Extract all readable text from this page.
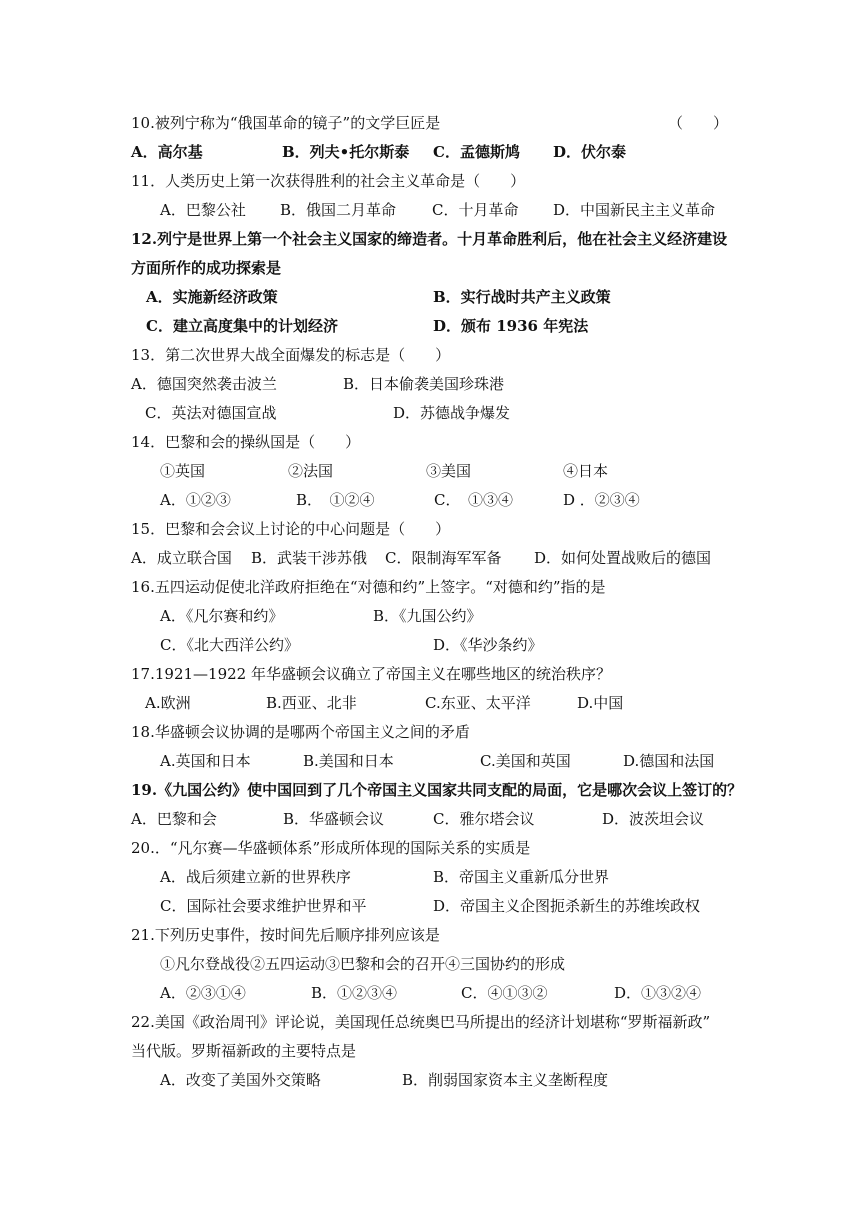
10.被列宁称为“俄国革命的镜子”的文学巨匠是	（　　）
A．高尔基	B．列夫•托尔斯泰 C．孟德斯鸠 D．伏尔泰
11．人类历史上第一次获得胜利的社会主义革命是（　　）
A．巴黎公社 B．俄国二月革命 C．十月革命 D．中国新民主主义革命
12.列宁是世界上第一个社会主义国家的缔造者。十月革命胜利后，他在社会主义经济建设
方面所作的成功探索是
A．实施新经济政策	B．实行战时共产主义政策
C．建立高度集中的计划经济	D．颁布 1936 年宪法
13．第二次世界大战全面爆发的标志是（　　）
A．德国突然袭击波兰	B．日本偷袭美国珍珠港
C．英法对德国宣战	D．苏德战争爆发
14．巴黎和会的操纵国是（　　）
①英国	②法国	③美国	④日本
A．①②③	B．　①②④	C．　①③④	D ．②③④
15．巴黎和会会议上讨论的中心问题是（　　）
A．成立联合国 B．武装干涉苏俄 C．限制海军军备 D．如何处置战败后的德国
16.五四运动促使北洋政府拒绝在“对德和约”上签字。“对德和约”指的是
A．《凡尔赛和约》	B．《九国公约》
C．《北大西洋公约》	D．《华沙条约》
17.1921—1922 年华盛顿会议确立了帝国主义在哪些地区的统治秩序？
A.欧洲	B.西亚、北非	C.东亚、太平洋	D.中国
18.华盛顿会议协调的是哪两个帝国主义之间的矛盾
A.英国和日本	B.美国和日本	C.美国和英国	D.德国和法国
19.《九国公约》使中国回到了几个帝国主义国家共同支配的局面，它是哪次会议上签订的？
A．巴黎和会	B．华盛顿会议	C．雅尔塔会议	D．波茨坦会议
20.．“凡尔赛—华盛顿体系”形成所体现的国际关系的实质是
A．战后须建立新的世界秩序	B．帝国主义重新瓜分世界
C．国际社会要求维护世界和平	D．帝国主义企图扼杀新生的苏维埃政权
21.下列历史事件，按时间先后顺序排列应该是
①凡尔登战役②五四运动③巴黎和会的召开④三国协约的形成
A．②③①④	B．①②③④	C．④①③②	D．①③②④
22.美国《政治周刊》评论说，美国现任总统奥巴马所提出的经济计划堪称“罗斯福新政”
当代版。罗斯福新政的主要特点是
A．改变了美国外交策略	B．削弱国家资本主义垄断程度
